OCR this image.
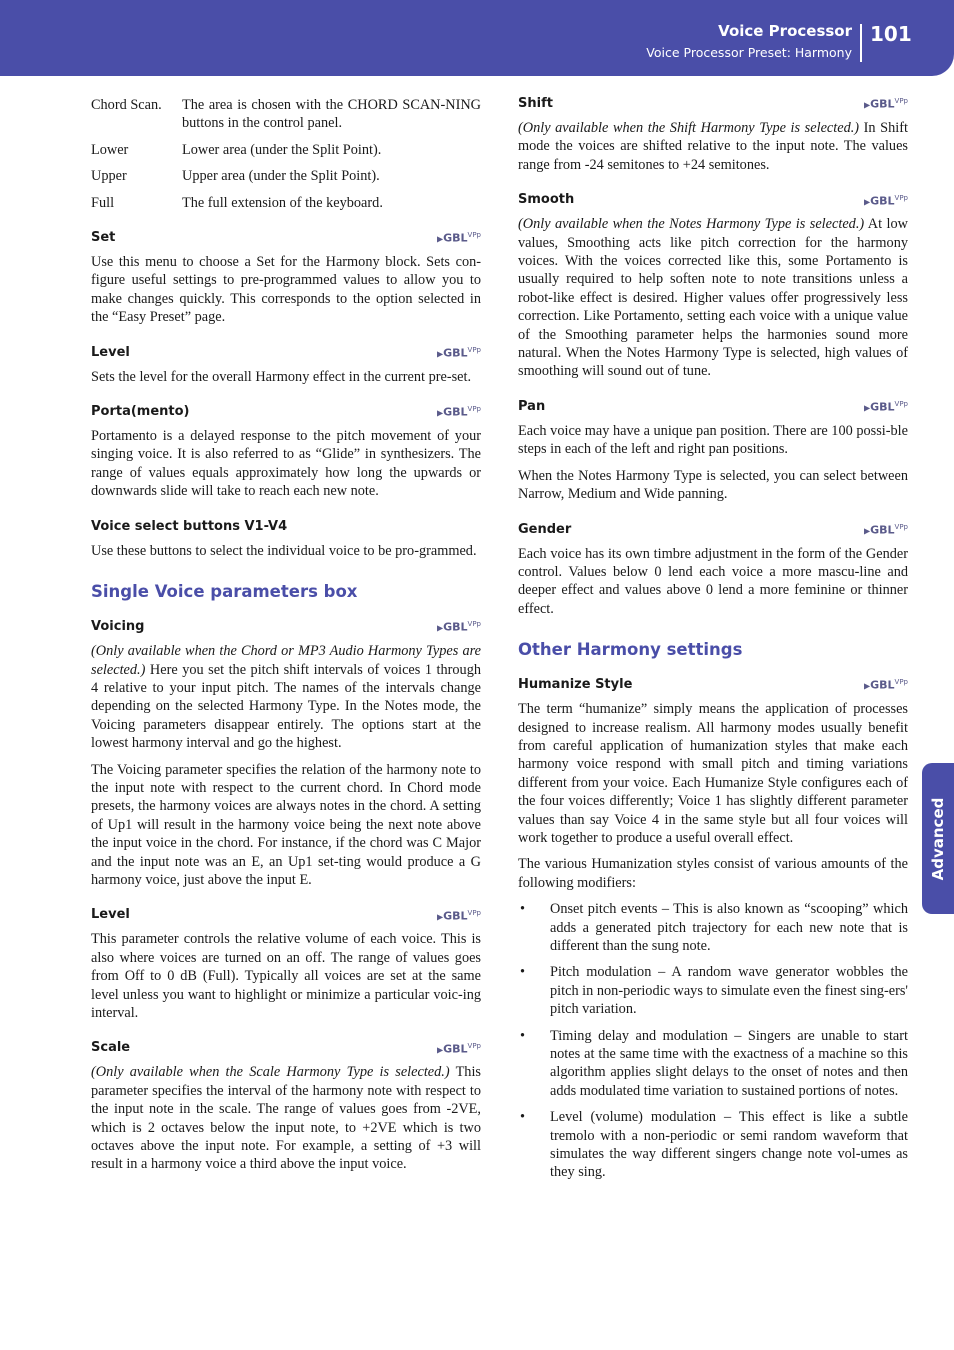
Voice Processor
Voice Processor Preset: Harmony
101
Advanced
Chord Scan.	The area is chosen with the CHORD SCAN-NING buttons in the control panel.
Lower	Lower area (under the Split Point).
Upper	Upper area (under the Split Point).
Full	The full extension of the keyboard.
Set	$▶GBL^{VPp}$

Use this menu to choose a Set for the Harmony block. Sets con-figure useful settings to pre-programmed values to allow you to make changes quickly. This corresponds to the option selected in the “Easy Preset” page.

Level	$▶GBL^{VPp}$

Sets the level for the overall Harmony effect in the current pre-set.

Porta(mento)	$▶GBL^{VPp}$

Portamento is a delayed response to the pitch movement of your singing voice. It is also referred to as “Glide” in synthesizers. The range of values equals approximately how long the upwards or downwards slide will take to reach each new note.

Voice select buttons V1-V4

Use these buttons to select the individual voice to be pro-grammed.

Single Voice parameters box
Voicing	$▶GBL^{VPp}$

(Only available when the Chord or MP3 Audio Harmony Types are selected.) Here you set the pitch shift intervals of voices 1 through 4 relative to your input pitch. The names of the intervals change depending on the selected Harmony Type. In the Notes mode, the Voicing parameters disappear entirely. The options start at the lowest harmony interval and go the highest.

The Voicing parameter specifies the relation of the harmony note to the input note with respect to the current chord. In Chord mode presets, the harmony voices are always notes in the chord. A setting of Up1 will result in the harmony voice being the next note above the input voice in the chord. For instance, if the chord was C Major and the input note was an E, an Up1 set-ting would produce a G harmony voice, just above the input E.

Level	$▶GBL^{VPp}$

This parameter controls the relative volume of each voice. This is also where voices are turned on an off. The range of values goes from Off to 0 dB (Full). Typically all voices are set at the same level unless you want to highlight or minimize a particular voic-ing interval.

Scale	$▶GBL^{VPp}$

(Only available when the Scale Harmony Type is selected.) This parameter specifies the interval of the harmony note with respect to the input note in the scale. The range of values goes from -2VE, which is 2 octaves below the input note, to +2VE which is two octaves above the input note. For example, a setting of +3 will result in a harmony voice a third above the input voice.

Shift	$▶GBL^{VPp}$

(Only available when the Shift Harmony Type is selected.) In Shift mode the voices are shifted relative to the input note. The values range from -24 semitones to +24 semitones.

Smooth	$▶GBL^{VPp}$

(Only available when the Notes Harmony Type is selected.) At low values, Smoothing acts like pitch correction for the harmony voices. With the voices corrected like this, some Portamento is usually required to help soften note to note transitions unless a robot-like effect is desired. Higher values offer progressively less correction. Like Portamento, setting each voice with a unique value of the Smoothing parameter helps the harmonies sound more natural. When the Notes Harmony Type is selected, high values of smoothing will sound out of tune.

Pan	$▶GBL^{VPp}$

Each voice may have a unique pan position. There are 100 possi-ble steps in each of the left and right pan positions.

When the Notes Harmony Type is selected, you can select between Narrow, Medium and Wide panning.

Gender	$▶GBL^{VPp}$

Each voice has its own timbre adjustment in the form of the Gender control. Values below 0 lend each voice a more mascu-line and deeper effect and values above 0 lend a more feminine or thinner effect.

Other Harmony settings
Humanize Style	$▶GBL^{VPp}$

The term “humanize” simply means the application of processes designed to increase realism. All harmony modes usually benefit from careful application of humanization styles that make each harmony voice respond with small pitch and timing variations different from your voice. Each Humanize Style configures each of the four voices differently; Voice 1 has slightly different parameter values than say Voice 4 in the same style but all four voices will work together to produce a useful overall effect.

The various Humanization styles consist of various amounts of the following modifiers:

• Onset pitch events – This is also known as “scooping” which adds a generated pitch trajectory for each new note that is different than the sung note.
• Pitch modulation – A random wave generator wobbles the pitch in non-periodic ways to simulate even the finest sing-ers' pitch variation.
• Timing delay and modulation – Singers are unable to start notes at the same time with the exactness of a machine so this algorithm applies slight delays to the onset of notes and then adds modulated time variation to sustained portions of notes.
• Level (volume) modulation – This effect is like a subtle tremolo with a non-periodic or semi random waveform that simulates the way different singers change note vol-umes as they sing.
